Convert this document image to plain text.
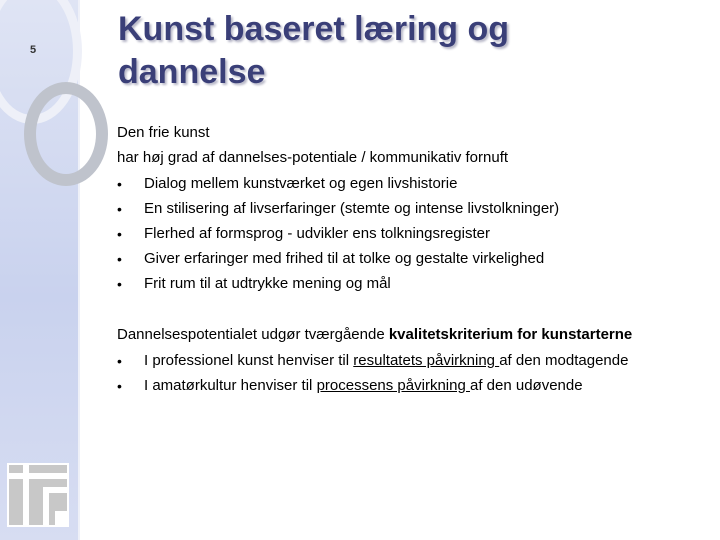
5
Kunst baseret læring og
dannelse
Den frie kunst
har høj grad af dannelses-potentiale / kommunikativ fornuft
• Dialog mellem kunstværket og egen livshistorie
• En stilisering af livserfaringer (stemte og intense livstolkninger)
• Flerhed af formsprog - udvikler ens tolkningsregister
• Giver erfaringer med frihed til at tolke og gestalte virkelighed
• Frit rum til at udtrykke mening og mål
Dannelsespotentialet udgør tværgående kvalitetskriterium for kunstarterne
• I professionel kunst henviser til resultatets påvirkning af den modtagende
• I amatørkultur henviser til processens påvirkning af den udøvende
